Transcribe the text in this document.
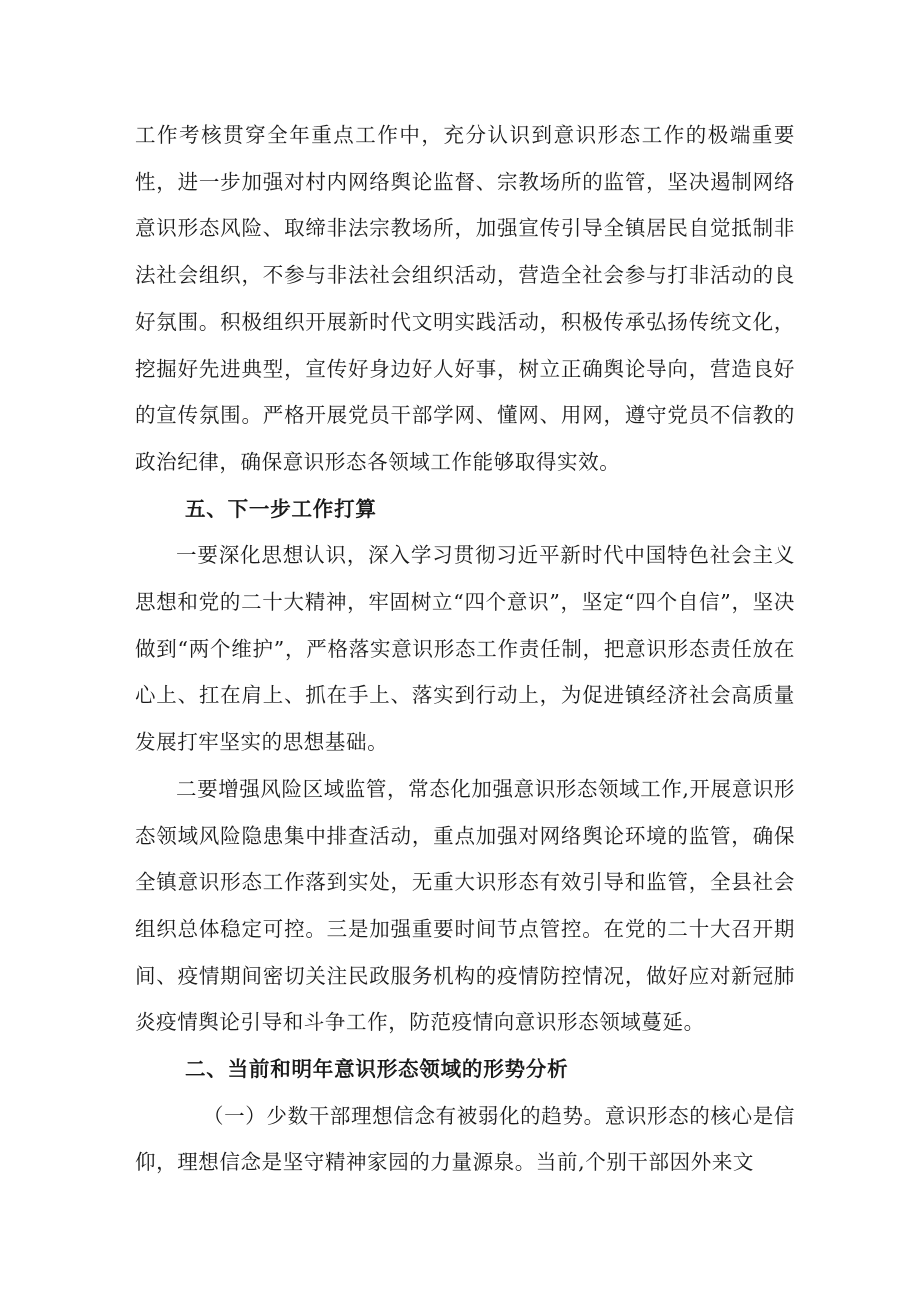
工作考核贯穿全年重点工作中，充分认识到意识形态工作的极端重要性，进一步加强对村内网络舆论监督、宗教场所的监管，坚决遏制网络意识形态风险、取缔非法宗教场所，加强宣传引导全镇居民自觉抵制非法社会组织，不参与非法社会组织活动，营造全社会参与打非活动的良好氛围。积极组织开展新时代文明实践活动，积极传承弘扬传统文化，挖掘好先进典型，宣传好身边好人好事，树立正确舆论导向，营造良好的宣传氛围。严格开展党员干部学网、懂网、用网，遵守党员不信教的政治纪律，确保意识形态各领域工作能够取得实效。

五、下一步工作打算

一要深化思想认识，深入学习贯彻习近平新时代中国特色社会主义思想和党的二十大精神，牢固树立“四个意识”，坚定“四个自信”，坚决做到“两个维护”，严格落实意识形态工作责任制，把意识形态责任放在心上、扛在肩上、抓在手上、落实到行动上，为促进镇经济社会高质量发展打牢坚实的思想基础。

二要增强风险区域监管，常态化加强意识形态领域工作,开展意识形态领域风险隐患集中排查活动，重点加强对网络舆论环境的监管，确保全镇意识形态工作落到实处，无重大识形态有效引导和监管，全县社会组织总体稳定可控。三是加强重要时间节点管控。在党的二十大召开期间、疫情期间密切关注民政服务机构的疫情防控情况，做好应对新冠肺炎疫情舆论引导和斗争工作，防范疫情向意识形态领域蔓延。

二、当前和明年意识形态领域的形势分析

（一）少数干部理想信念有被弱化的趋势。意识形态的核心是信仰，理想信念是坚守精神家园的力量源泉。当前,个别干部因外来文
